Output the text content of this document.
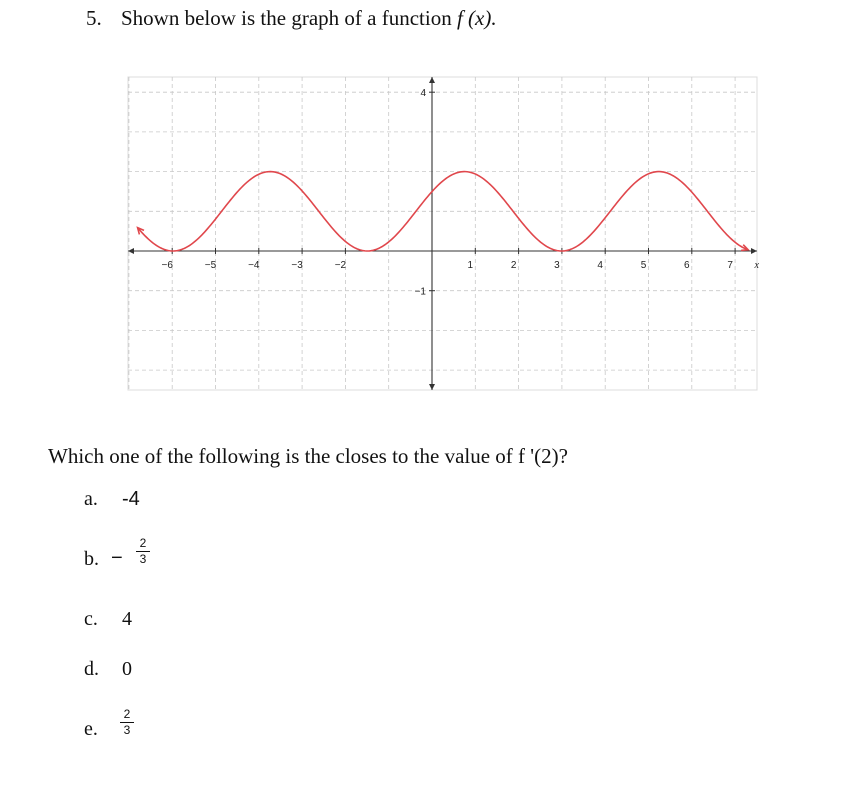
5. Shown below is the graph of a function f (x).
−6	−5	−4	−3	−2	1	2	3	4	5	6	7 x
4
−1
Which one of the following is the closes to the value of f '(2)?
a. -4
b. −
2
3
c. 4
d. 0
e.
2
3
